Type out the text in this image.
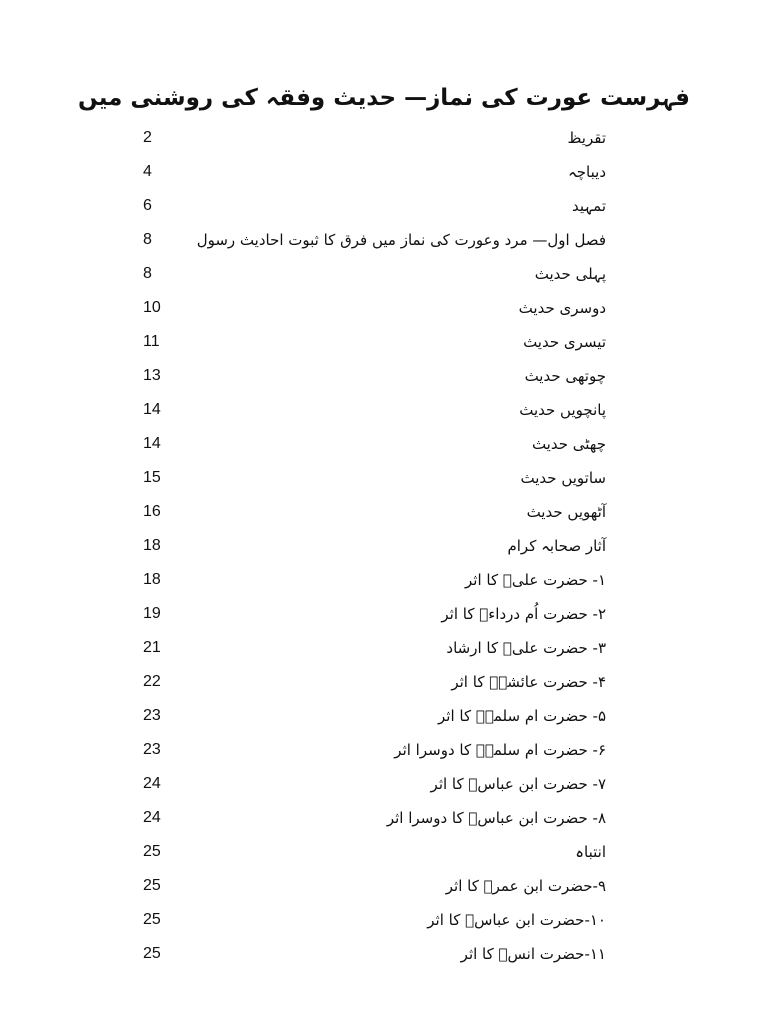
فہرست عورت کی نماز— حدیث وفقہ کی روشنی میں
تقریظ
2
دیباچہ
4
تمہید
6
فصل اول— مرد وعورت کی نماز میں فرق کا ثبوت احادیث رسول
8
پہلی حدیث
8
دوسری حدیث
10
تیسری حدیث
11
چوتھی حدیث
13
پانچویں حدیث
14
چھٹی حدیث
14
ساتویں حدیث
15
آٹھویں حدیث
16
آثار صحابہ کرام
18
۱- حضرت علیؓ کا اثر
18
۲- حضرت اُم درداءؓ کا اثر
19
۳- حضرت علیؓ کا ارشاد
21
۴- حضرت عائشہؓ کا اثر
22
۵- حضرت ام سلمہؓ کا اثر
23
۶- حضرت ام سلمہؓ کا دوسرا اثر
23
۷- حضرت ابن عباسؓ کا اثر
24
۸- حضرت ابن عباسؓ کا دوسرا اثر
24
انتباہ
25
۹-حضرت ابن عمرؓ کا اثر
25
۱۰-حضرت ابن عباسؓ کا اثر
25
۱۱-حضرت انسؓ کا اثر
25
